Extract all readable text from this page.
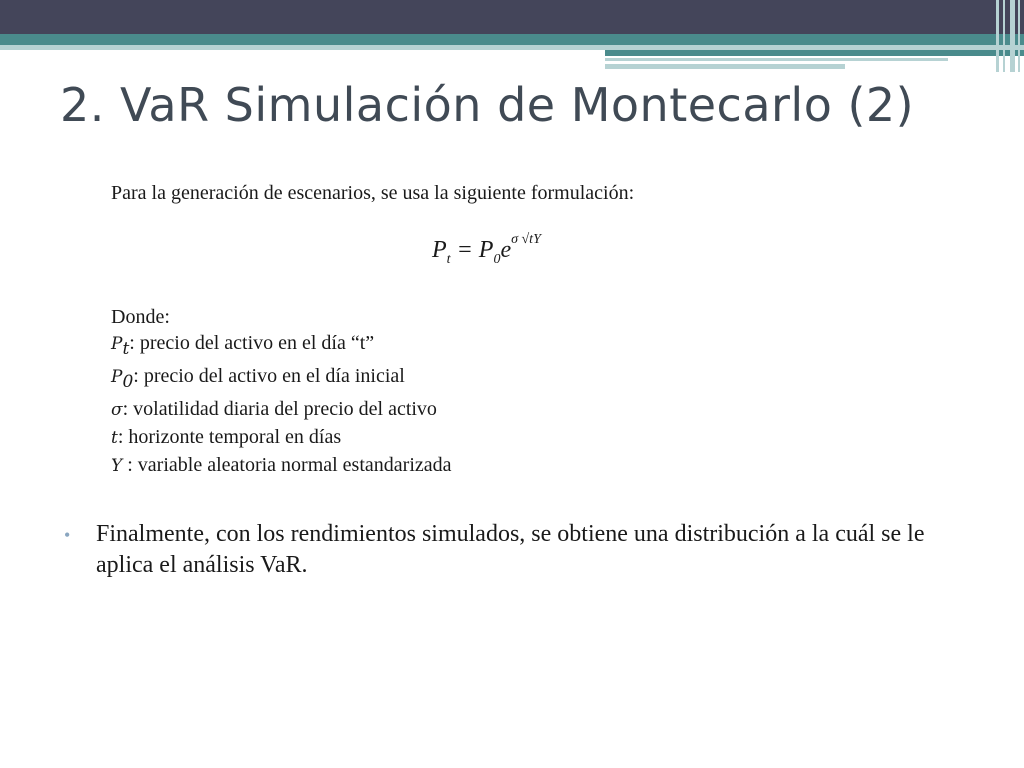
2. VaR Simulación de Montecarlo (2)
Para la generación de escenarios, se usa la siguiente formulación:
$P_t = P_0e^{\sigma √tY}$
Donde:
$P_t$: precio del activo en el día “t”
$P_0$: precio del activo en el día inicial
σ: volatilidad diaria del precio del activo
t: horizonte temporal en días
Y : variable aleatoria normal estandarizada
• Finalmente, con los rendimientos simulados, se obtiene una distribución a la cuál se le aplica el análisis VaR.
